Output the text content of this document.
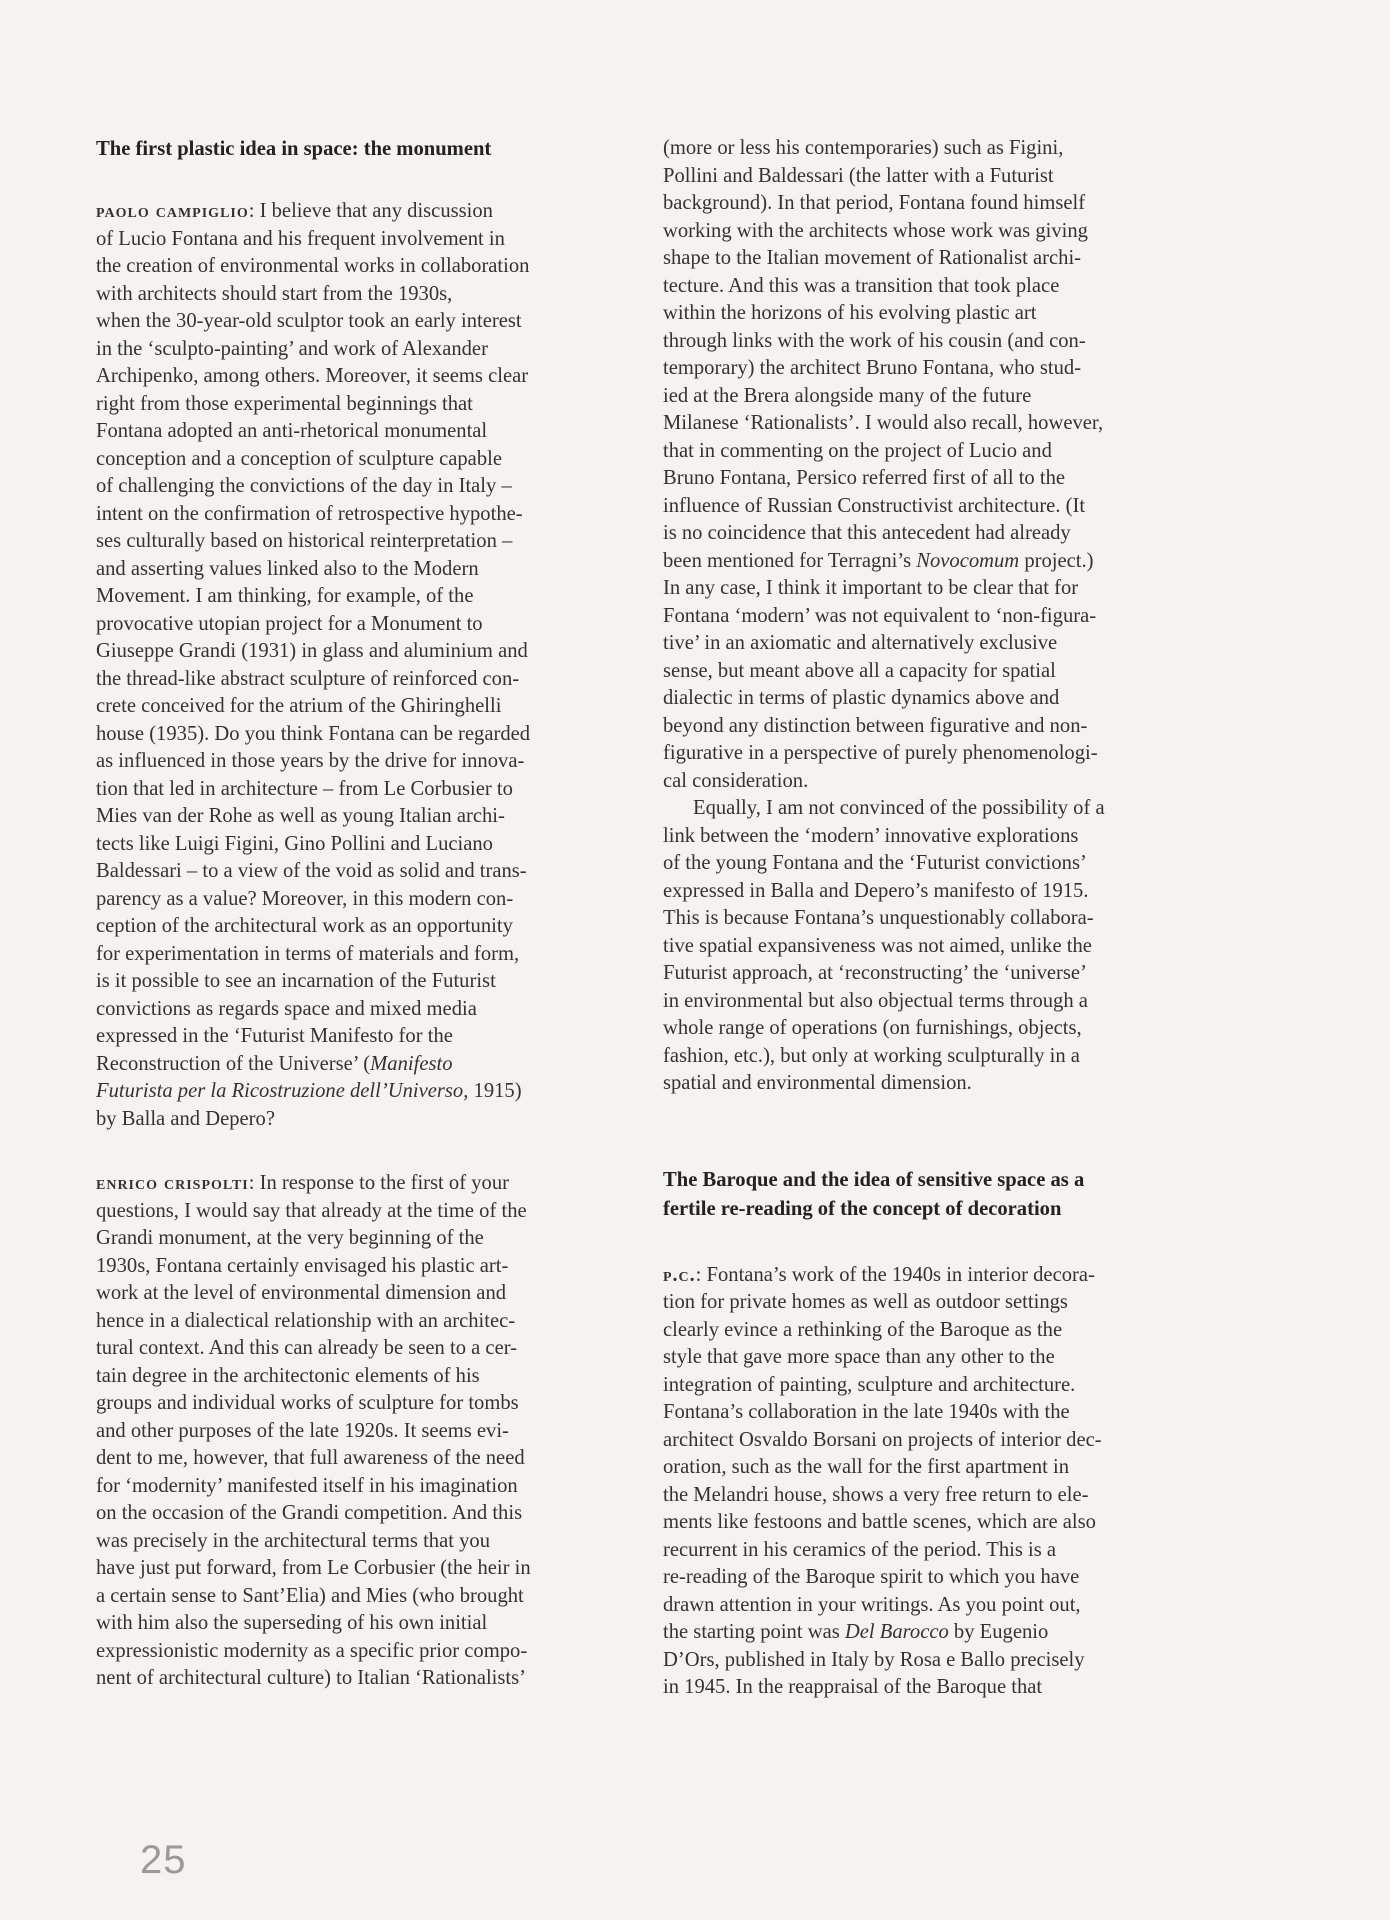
The first plastic idea in space: the monument
paolo campiglio: I believe that any discussion
of Lucio Fontana and his frequent involvement in
the creation of environmental works in collaboration
with architects should start from the 1930s,
when the 30-year-old sculptor took an early interest
in the ‘sculpto-painting’ and work of Alexander
Archipenko, among others. Moreover, it seems clear
right from those experimental beginnings that
Fontana adopted an anti-rhetorical monumental
conception and a conception of sculpture capable
of challenging the convictions of the day in Italy –
intent on the confirmation of retrospective hypothe-
ses culturally based on historical reinterpretation –
and asserting values linked also to the Modern
Movement. I am thinking, for example, of the
provocative utopian project for a Monument to
Giuseppe Grandi (1931) in glass and aluminium and
the thread-like abstract sculpture of reinforced con-
crete conceived for the atrium of the Ghiringhelli
house (1935). Do you think Fontana can be regarded
as influenced in those years by the drive for innova-
tion that led in architecture – from Le Corbusier to
Mies van der Rohe as well as young Italian archi-
tects like Luigi Figini, Gino Pollini and Luciano
Baldessari – to a view of the void as solid and trans-
parency as a value? Moreover, in this modern con-
ception of the architectural work as an opportunity
for experimentation in terms of materials and form,
is it possible to see an incarnation of the Futurist
convictions as regards space and mixed media
expressed in the ‘Futurist Manifesto for the
Reconstruction of the Universe’ (Manifesto
Futurista per la Ricostruzione dell’Universo, 1915)
by Balla and Depero?
enrico crispolti: In response to the first of your
questions, I would say that already at the time of the
Grandi monument, at the very beginning of the
1930s, Fontana certainly envisaged his plastic art-
work at the level of environmental dimension and
hence in a dialectical relationship with an architec-
tural context. And this can already be seen to a cer-
tain degree in the architectonic elements of his
groups and individual works of sculpture for tombs
and other purposes of the late 1920s. It seems evi-
dent to me, however, that full awareness of the need
for ‘modernity’ manifested itself in his imagination
on the occasion of the Grandi competition. And this
was precisely in the architectural terms that you
have just put forward, from Le Corbusier (the heir in
a certain sense to Sant’Elia) and Mies (who brought
with him also the superseding of his own initial
expressionistic modernity as a specific prior compo-
nent of architectural culture) to Italian ‘Rationalists’
(more or less his contemporaries) such as Figini,
Pollini and Baldessari (the latter with a Futurist
background). In that period, Fontana found himself
working with the architects whose work was giving
shape to the Italian movement of Rationalist archi-
tecture. And this was a transition that took place
within the horizons of his evolving plastic art
through links with the work of his cousin (and con-
temporary) the architect Bruno Fontana, who stud-
ied at the Brera alongside many of the future
Milanese ‘Rationalists’. I would also recall, however,
that in commenting on the project of Lucio and
Bruno Fontana, Persico referred first of all to the
influence of Russian Constructivist architecture. (It
is no coincidence that this antecedent had already
been mentioned for Terragni’s Novocomum project.)
In any case, I think it important to be clear that for
Fontana ‘modern’ was not equivalent to ‘non-figura-
tive’ in an axiomatic and alternatively exclusive
sense, but meant above all a capacity for spatial
dialectic in terms of plastic dynamics above and
beyond any distinction between figurative and non-
figurative in a perspective of purely phenomenologi-
cal consideration.
Equally, I am not convinced of the possibility of a
link between the ‘modern’ innovative explorations
of the young Fontana and the ‘Futurist convictions’
expressed in Balla and Depero’s manifesto of 1915.
This is because Fontana’s unquestionably collabora-
tive spatial expansiveness was not aimed, unlike the
Futurist approach, at ‘reconstructing’ the ‘universe’
in environmental but also objectual terms through a
whole range of operations (on furnishings, objects,
fashion, etc.), but only at working sculpturally in a
spatial and environmental dimension.
The Baroque and the idea of sensitive space as a
fertile re-reading of the concept of decoration
p.c.: Fontana’s work of the 1940s in interior decora-
tion for private homes as well as outdoor settings
clearly evince a rethinking of the Baroque as the
style that gave more space than any other to the
integration of painting, sculpture and architecture.
Fontana’s collaboration in the late 1940s with the
architect Osvaldo Borsani on projects of interior dec-
oration, such as the wall for the first apartment in
the Melandri house, shows a very free return to ele-
ments like festoons and battle scenes, which are also
recurrent in his ceramics of the period. This is a
re-reading of the Baroque spirit to which you have
drawn attention in your writings. As you point out,
the starting point was Del Barocco by Eugenio
D’Ors, published in Italy by Rosa e Ballo precisely
in 1945. In the reappraisal of the Baroque that
25
